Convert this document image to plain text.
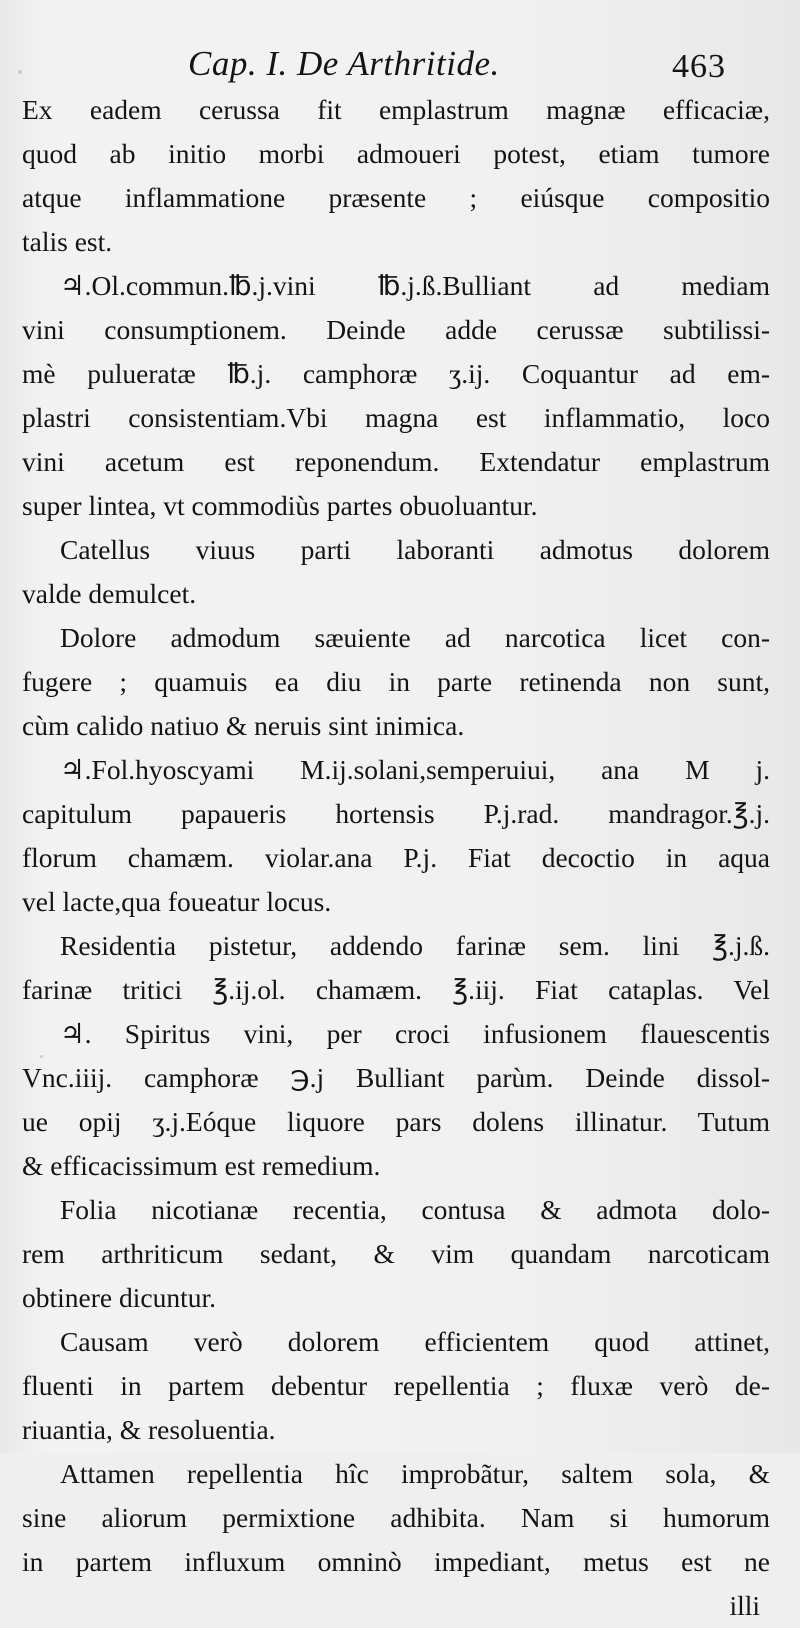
Cap. I. De Arthritide.	463
Ex eadem cerussa fit emplastrum magnæ efficaciæ,
quod ab initio morbi admoueri potest, etiam tumore
atque inflammatione præsente ; eiúsque compositio
talis est.
♃.Ol.commun.℔.j.vini ℔.j.ß.Bulliant ad mediam
vini consumptionem. Deinde adde cerussæ subtilissi-
mè pulueratæ ℔.j. camphoræ ʒ.ij. Coquantur ad em-
plastri consistentiam.Vbi magna est inflammatio, loco
vini acetum est reponendum. Extendatur emplastrum
super lintea, vt commodiùs partes obuoluantur.
Catellus viuus parti laboranti admotus dolorem
valde demulcet.
Dolore admodum sæuiente ad narcotica licet con-
fugere ; quamuis ea diu in parte retinenda non sunt,
cùm calido natiuo & neruis sint inimica.
♃.Fol.hyoscyami M.ij.solani,semperuiui, ana M j.
capitulum papaueris hortensis P.j.rad. mandragor.℥.j.
florum chamæm. violar.ana P.j. Fiat decoctio in aqua
vel lacte,qua foueatur locus.
Residentia pistetur, addendo farinæ sem. lini ℥.j.ß.
farinæ tritici ℥.ij.ol. chamæm. ℥.iij. Fiat cataplas. Vel
♃. Spiritus vini, per croci infusionem flauescentis
Vnc.iiij. camphoræ ℈.j Bulliant parùm. Deinde dissol-
ue opij ʒ.j.Eóque liquore pars dolens illinatur. Tutum
& efficacissimum est remedium.
Folia nicotianæ recentia, contusa & admota dolo-
rem arthriticum sedant, & vim quandam narcoticam
obtinere dicuntur.
Causam verò dolorem efficientem quod attinet,
fluenti in partem debentur repellentia ; fluxæ verò de-
riuantia, & resoluentia.
Attamen repellentia hîc improbãtur, saltem sola, &
sine aliorum permixtione adhibita. Nam si humorum
in partem influxum omninò impediant, metus est ne
illi
